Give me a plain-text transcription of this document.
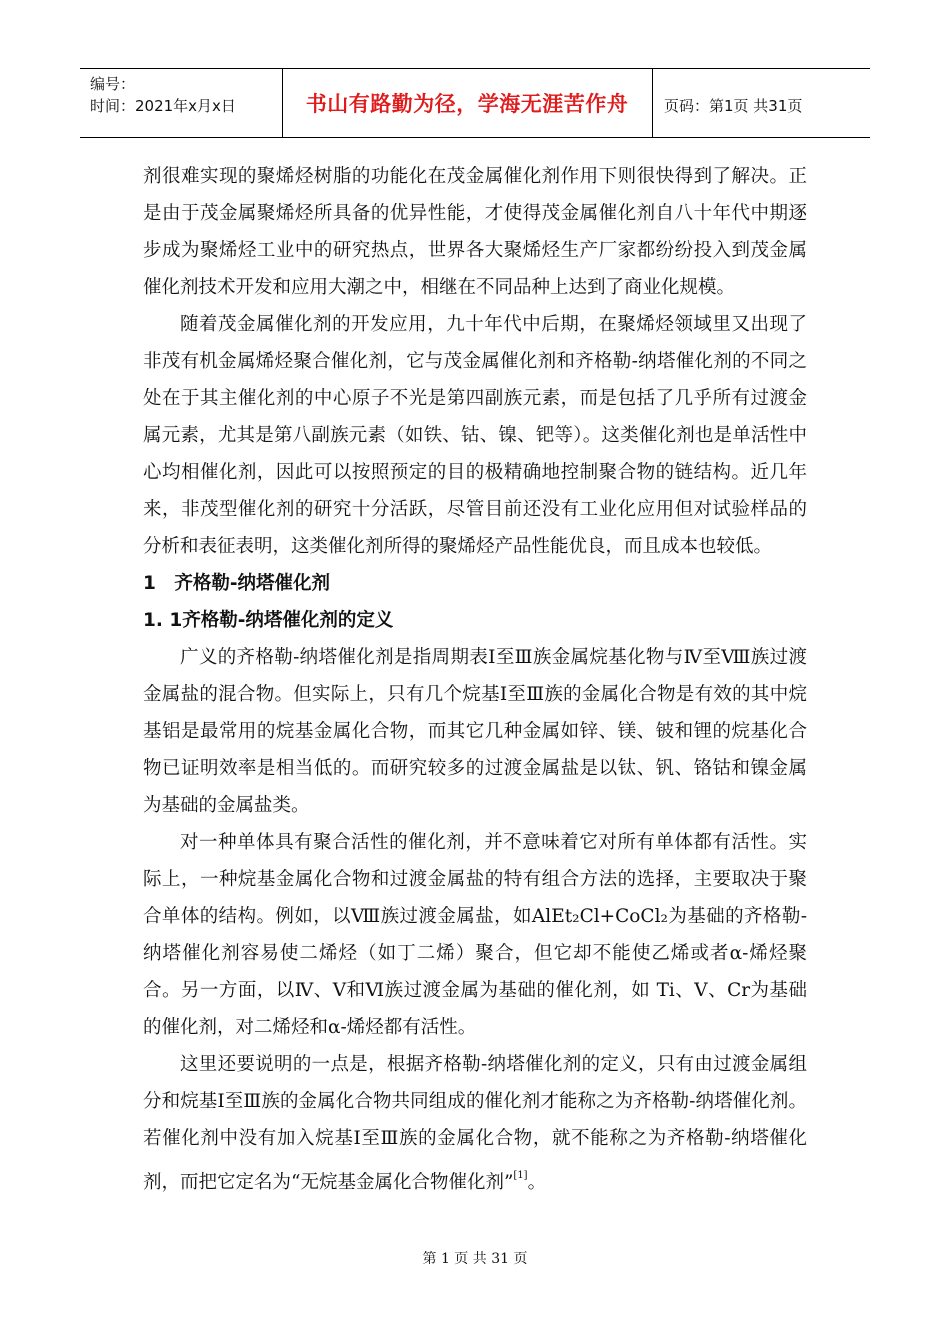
编号：
时间：2021年x月x日	书山有路勤为径，学海无涯苦作舟	页码：第1页 共31页

剂很难实现的聚烯烃树脂的功能化在茂金属催化剂作用下则很快得到了解决。正是由于茂金属聚烯烃所具备的优异性能，才使得茂金属催化剂自八十年代中期逐步成为聚烯烃工业中的研究热点，世界各大聚烯烃生产厂家都纷纷投入到茂金属催化剂技术开发和应用大潮之中，相继在不同品种上达到了商业化规模。

随着茂金属催化剂的开发应用，九十年代中后期，在聚烯烃领域里又出现了非茂有机金属烯烃聚合催化剂，它与茂金属催化剂和齐格勒-纳塔催化剂的不同之处在于其主催化剂的中心原子不光是第四副族元素，而是包括了几乎所有过渡金属元素，尤其是第八副族元素（如铁、钴、镍、钯等）。这类催化剂也是单活性中心均相催化剂，因此可以按照预定的目的极精确地控制聚合物的链结构。近几年来，非茂型催化剂的研究十分活跃，尽管目前还没有工业化应用但对试验样品的分析和表征表明，这类催化剂所得的聚烯烃产品性能优良，而且成本也较低。

1　齐格勒-纳塔催化剂

1. 1齐格勒-纳塔催化剂的定义

广义的齐格勒-纳塔催化剂是指周期表Ⅰ至Ⅲ族金属烷基化物与Ⅳ至Ⅷ族过渡金属盐的混合物。但实际上，只有几个烷基Ⅰ至Ⅲ族的金属化合物是有效的其中烷基铝是最常用的烷基金属化合物，而其它几种金属如锌、镁、铍和锂的烷基化合物已证明效率是相当低的。而研究较多的过渡金属盐是以钛、钒、铬钴和镍金属为基础的金属盐类。

对一种单体具有聚合活性的催化剂，并不意味着它对所有单体都有活性。实际上，一种烷基金属化合物和过渡金属盐的特有组合方法的选择，主要取决于聚合单体的结构。例如，以Ⅷ族过渡金属盐，如AlEt₂Cl+CoCl₂为基础的齐格勒-纳塔催化剂容易使二烯烃（如丁二烯）聚合，但它却不能使乙烯或者α-烯烃聚合。另一方面，以Ⅳ、Ⅴ和Ⅵ族过渡金属为基础的催化剂，如 Ti、V、Cr为基础的催化剂，对二烯烃和α-烯烃都有活性。

这里还要说明的一点是，根据齐格勒-纳塔催化剂的定义，只有由过渡金属组分和烷基Ⅰ至Ⅲ族的金属化合物共同组成的催化剂才能称之为齐格勒-纳塔催化剂。若催化剂中没有加入烷基Ⅰ至Ⅲ族的金属化合物，就不能称之为齐格勒-纳塔催化剂，而把它定名为“无烷基金属化合物催化剂”[1]。

第 1 页 共 31 页
